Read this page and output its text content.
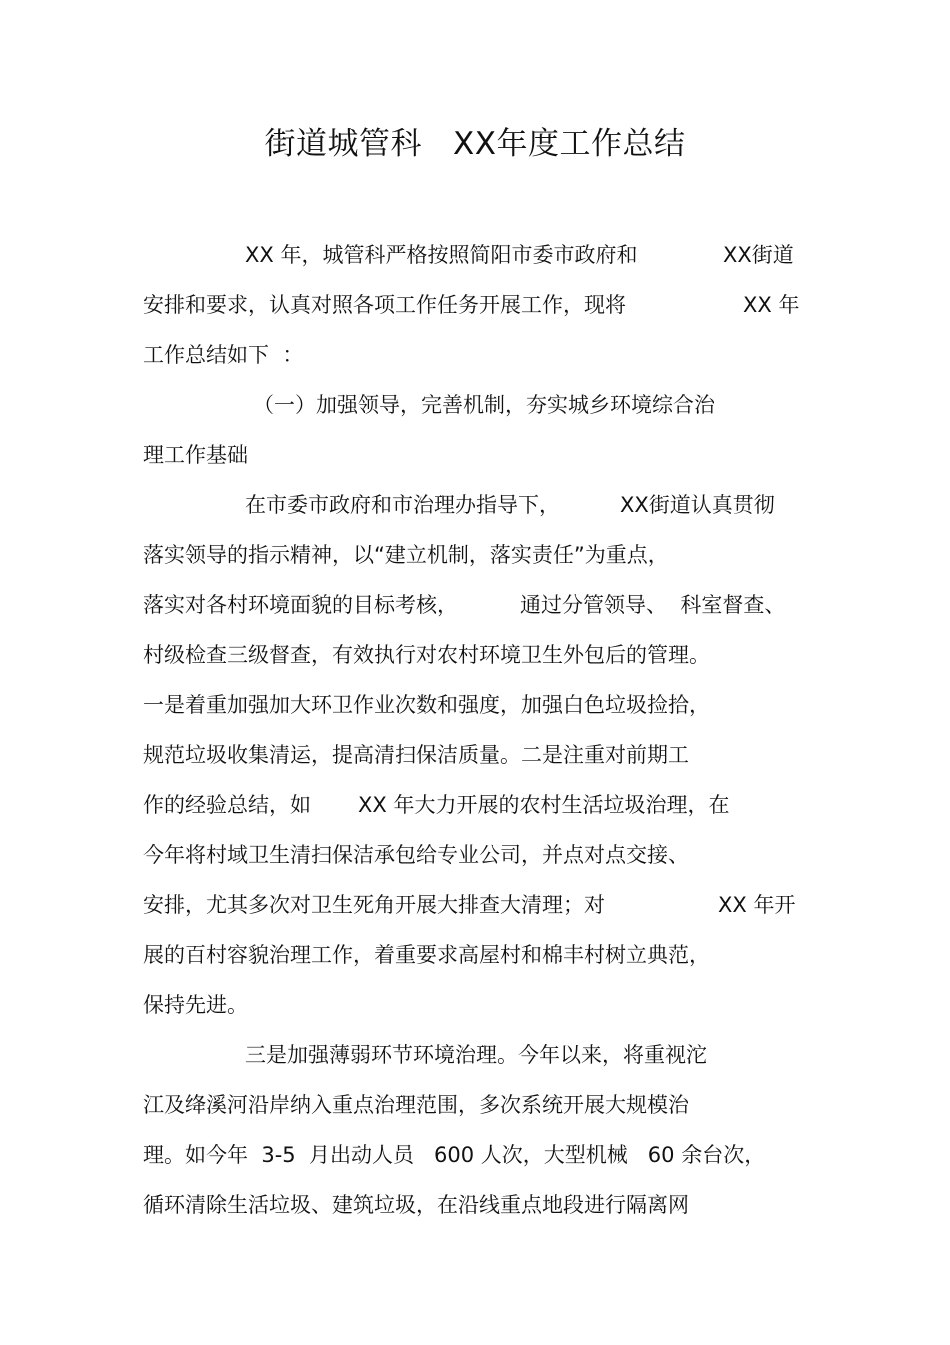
街道城管科   XX年度工作总结
XX 年，城管科严格按照简阳市委市政府和	XX街道
安排和要求，认真对照各项工作任务开展工作，现将	XX 年
工作总结如下  ：
（一）加强领导，完善机制，夯实城乡环境综合治
理工作基础
在市委市政府和市治理办指导下，	XX街道认真贯彻
落实领导的指示精神，以“建立机制，落实责任”为重点，
落实对各村环境面貌的目标考核，	通过分管领导、  科室督查、
村级检查三级督查，有效执行对农村环境卫生外包后的管理。
一是着重加强加大环卫作业次数和强度，加强白色垃圾捡拾，
规范垃圾收集清运，提高清扫保洁质量。二是注重对前期工
作的经验总结，如 XX 年大力开展的农村生活垃圾治理，在
今年将村域卫生清扫保洁承包给专业公司，并点对点交接、
安排，尤其多次对卫生死角开展大排查大清理；对	XX 年开
展的百村容貌治理工作，着重要求高屋村和棉丰村树立典范，
保持先进。
三是加强薄弱环节环境治理。今年以来，将重视沱
江及绛溪河沿岸纳入重点治理范围，多次系统开展大规模治
理。如今年  3-5  月出动人员   600 人次，大型机械   60 余台次，
循环清除生活垃圾、建筑垃圾，在沿线重点地段进行隔离网
